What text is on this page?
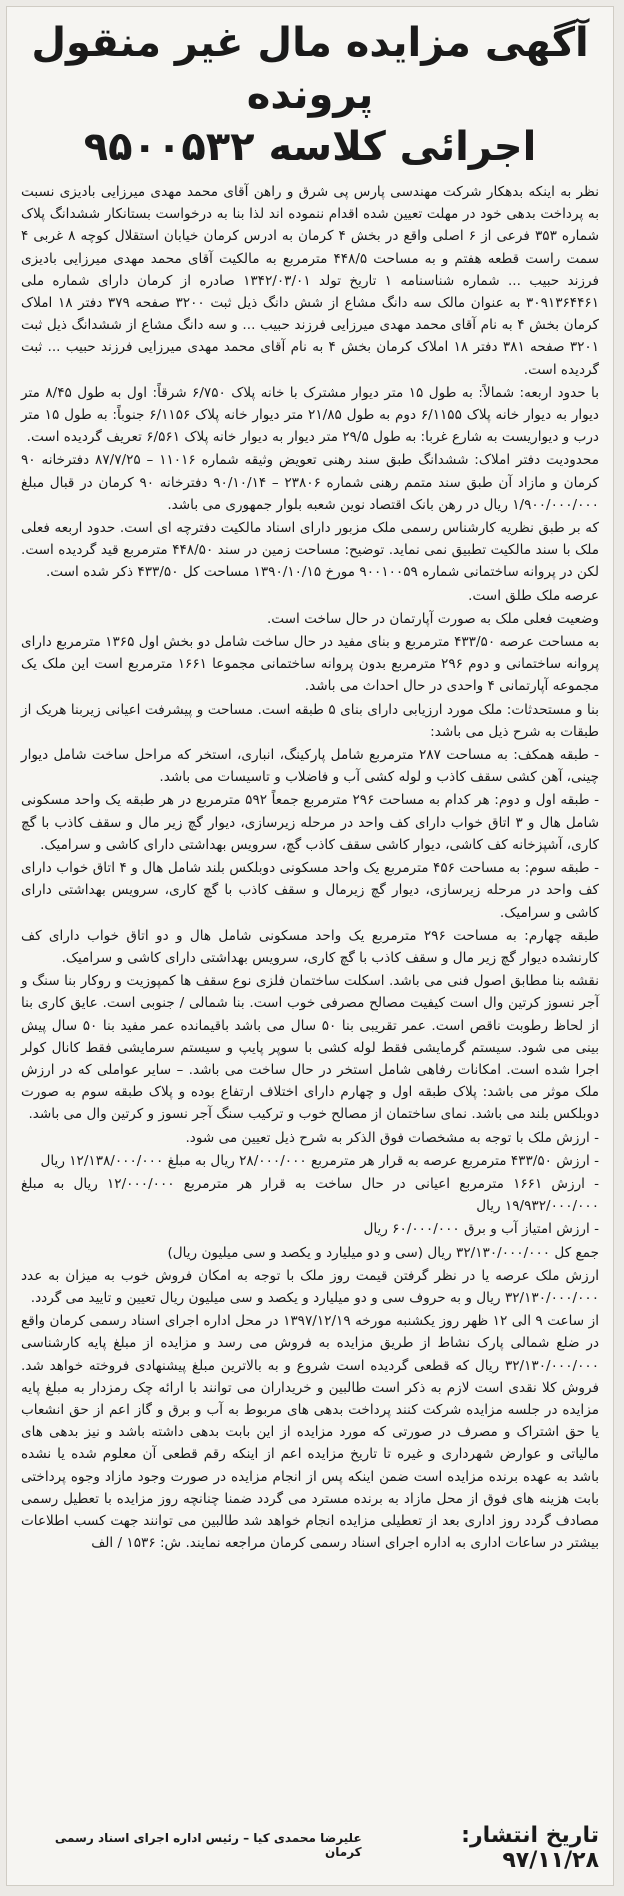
آگهی مزایده مال غیر منقول پرونده
اجرائی کلاسه ۹۵۰۰۵۳۲

نظر به اینکه بدهکار شرکت مهندسی پارس پی شرق و راهن آقای محمد مهدی میرزایی بادیزی نسبت به پرداخت بدهی خود در مهلت تعیین شده اقدام ننموده اند لذا بنا به درخواست بستانکار ششدانگ پلاک شماره ۳۵۳ فرعی از ۶ اصلی واقع در بخش ۴ کرمان به ادرس کرمان خیابان استقلال کوچه ۸ غربی ۴ سمت راست قطعه هفتم و به مساحت ۴۴۸/۵ مترمربع به مالکیت آقای محمد مهدی میرزایی بادیزی فرزند حبیب ... شماره شناسنامه ۱ تاریخ تولد ۱۳۴۲/۰۳/۰۱ صادره از کرمان دارای شماره ملی ۳۰۹۱۳۶۴۴۶۱ به عنوان مالک سه دانگ مشاع از شش دانگ ذیل ثبت ۳۲۰۰ صفحه ۳۷۹ دفتر ۱۸ املاک کرمان بخش ۴ به نام آقای محمد مهدی میرزایی فرزند حبیب ... و سه دانگ مشاع از ششدانگ ذیل ثبت ۳۲۰۱ صفحه ۳۸۱ دفتر ۱۸ املاک کرمان بخش ۴ به نام آقای محمد مهدی میرزایی فرزند حبیب ... ثبت گردیده است.

با حدود اربعه: شمالاً: به طول ۱۵ متر دیوار مشترک با خانه پلاک ۶/۷۵۰ شرقاً: اول به طول ۸/۴۵ متر دیوار به دیوار خانه پلاک ۶/۱۱۵۵ دوم به طول ۲۱/۸۵ متر دیوار خانه پلاک ۶/۱۱۵۶ جنوباً: به طول ۱۵ متر درب و دیواریست به شارع غربا: به طول ۲۹/۵ متر دیوار به دیوار خانه پلاک ۶/۵۶۱ تعریف گردیده است.

محدودیت دفتر املاک: ششدانگ طبق سند رهنی تعویض وثیقه شماره ۱۱۰۱۶ – ۸۷/۷/۲۵ دفترخانه ۹۰ کرمان و مازاد آن طبق سند متمم رهنی شماره ۲۳۸۰۶ – ۹۰/۱۰/۱۴ دفترخانه ۹۰ کرمان در قبال مبلغ ۱/۹۰۰/۰۰۰/۰۰۰ ریال در رهن بانک اقتصاد نوین شعبه بلوار جمهوری می باشد.

که بر طبق نظریه کارشناس رسمی ملک مزبور دارای اسناد مالکیت دفترچه ای است. حدود اربعه فعلی ملک با سند مالکیت تطبیق نمی نماید. توضیح: مساحت زمین در سند ۴۴۸/۵۰ مترمربع قید گردیده است. لکن در پروانه ساختمانی شماره ۹۰۰۱۰۰۵۹ مورخ ۱۳۹۰/۱۰/۱۵ مساحت کل ۴۳۳/۵۰ ذکر شده است.

عرصه ملک طلق است.

وضعیت فعلی ملک به صورت آپارتمان در حال ساخت است.

به مساحت عرصه ۴۳۳/۵۰ مترمربع و بنای مفید در حال ساخت شامل دو بخش اول ۱۳۶۵ مترمربع دارای پروانه ساختمانی و دوم ۲۹۶ مترمربع بدون پروانه ساختمانی مجموعا ۱۶۶۱ مترمربع است این ملک یک مجموعه آپارتمانی ۴ واحدی در حال احداث می باشد.

بنا و مستحدثات: ملک مورد ارزیابی دارای بنای ۵ طبقه است. مساحت و پیشرفت اعیانی زیربنا هریک از طبقات به شرح ذیل می باشد:

- طبقه همکف: به مساحت ۲۸۷ مترمربع شامل پارکینگ، انباری، استخر که مراحل ساخت شامل دیوار چینی، آهن کشی سقف کاذب و لوله کشی آب و فاضلاب و تاسیسات می باشد.

- طبقه اول و دوم: هر کدام به مساحت ۲۹۶ مترمربع جمعاً ۵۹۲ مترمربع در هر طبقه یک واحد مسکونی شامل هال و ۳ اتاق خواب دارای کف واحد در مرحله زیرسازی، دیوار گچ زیر مال و سقف کاذب با گچ کاری، آشپزخانه کف کاشی، دیوار کاشی سقف کاذب گچ، سرویس بهداشتی دارای کاشی و سرامیک.

- طبقه سوم: به مساحت ۴۵۶ مترمربع یک واحد مسکونی دوبلکس بلند شامل هال و ۴ اتاق خواب دارای کف واحد در مرحله زیرسازی، دیوار گچ زیرمال و سقف کاذب با گچ کاری، سرویس بهداشتی دارای کاشی و سرامیک.

طبقه چهارم: به مساحت ۲۹۶ مترمربع یک واحد مسکونی شامل هال و دو اتاق خواب دارای کف کارنشده دیوار گچ زیر مال و سقف کاذب با گچ کاری، سرویس بهداشتی دارای کاشی و سرامیک.

نقشه بنا مطابق اصول فنی می باشد. اسکلت ساختمان فلزی نوع سقف ها کمپوزیت و روکار بنا سنگ و آجر نسوز کرتین وال است کیفیت مصالح مصرفی خوب است. بنا شمالی / جنوبی است. عایق کاری بنا از لحاظ رطوبت ناقص است. عمر تقریبی بنا ۵۰ سال می باشد باقیمانده عمر مفید بنا ۵۰ سال پیش بینی می شود. سیستم گرمایشی فقط لوله کشی با سوپر پایپ و سیستم سرمایشی فقط کانال کولر اجرا شده است. امکانات رفاهی شامل استخر در حال ساخت می باشد. – سایر عواملی که در ارزش ملک موثر می باشد: پلاک طبقه اول و چهارم دارای اختلاف ارتفاع بوده و پلاک طبقه سوم به صورت دوبلکس بلند می باشد. نمای ساختمان از مصالح خوب و ترکیب سنگ آجر نسوز و کرتین وال می باشد.

- ارزش ملک با توجه به مشخصات فوق الذکر به شرح ذیل تعیین می شود.

- ارزش ۴۳۳/۵۰ مترمربع عرصه به قرار هر مترمربع ۲۸/۰۰۰/۰۰۰ ریال به مبلغ ۱۲/۱۳۸/۰۰۰/۰۰۰ ریال

- ارزش ۱۶۶۱ مترمربع اعیانی در حال ساخت به قرار هر مترمربع ۱۲/۰۰۰/۰۰۰ ریال به مبلغ ۱۹/۹۳۲/۰۰۰/۰۰۰ ریال

- ارزش امتیاز آب و برق ۶۰/۰۰۰/۰۰۰ ریال

جمع کل ۳۲/۱۳۰/۰۰۰/۰۰۰ ریال (سی و دو میلیارد و یکصد و سی میلیون ریال)

ارزش ملک عرصه یا در نظر گرفتن قیمت روز ملک با توجه به امکان فروش خوب به میزان به عدد ۳۲/۱۳۰/۰۰۰/۰۰۰ ریال و به حروف سی و دو میلیارد و یکصد و سی میلیون ریال تعیین و تایید می گردد.

از ساعت ۹ الی ۱۲ ظهر روز یکشنبه مورخه ۱۳۹۷/۱۲/۱۹ در محل اداره اجرای اسناد رسمی کرمان واقع در ضلع شمالی پارک نشاط از طریق مزایده به فروش می رسد و مزایده از مبلغ پایه کارشناسی ۳۲/۱۳۰/۰۰۰/۰۰۰ ریال که قطعی گردیده است شروع و به بالاترین مبلغ پیشنهادی فروخته خواهد شد. فروش کلا نقدی است لازم به ذکر است طالبین و خریداران می توانند با ارائه چک رمزدار به مبلغ پایه مزایده در جلسه مزایده شرکت کنند پرداخت بدهی های مربوط به آب و برق و گاز اعم از حق انشعاب یا حق اشتراک و مصرف در صورتی که مورد مزایده از این بابت بدهی داشته باشد و نیز بدهی های مالیاتی و عوارض شهرداری و غیره تا تاریخ مزایده اعم از اینکه رقم قطعی آن معلوم شده یا نشده باشد به عهده برنده مزایده است ضمن اینکه پس از انجام مزایده در صورت وجود مازاد وجوه پرداختی بابت هزینه های فوق از محل مازاد به برنده مسترد می گردد ضمنا چنانچه روز مزایده با تعطیل رسمی مصادف گردد روز اداری بعد از تعطیلی مزایده انجام خواهد شد طالبین می توانند جهت کسب اطلاعات بیشتر در ساعات اداری به اداره اجرای اسناد رسمی کرمان مراجعه نمایند. ش: ۱۵۳۶ / الف

تاریخ انتشار: ۹۷/۱۱/۲۸
علیرضا محمدی کیا – رئیس اداره اجرای اسناد رسمی کرمان
